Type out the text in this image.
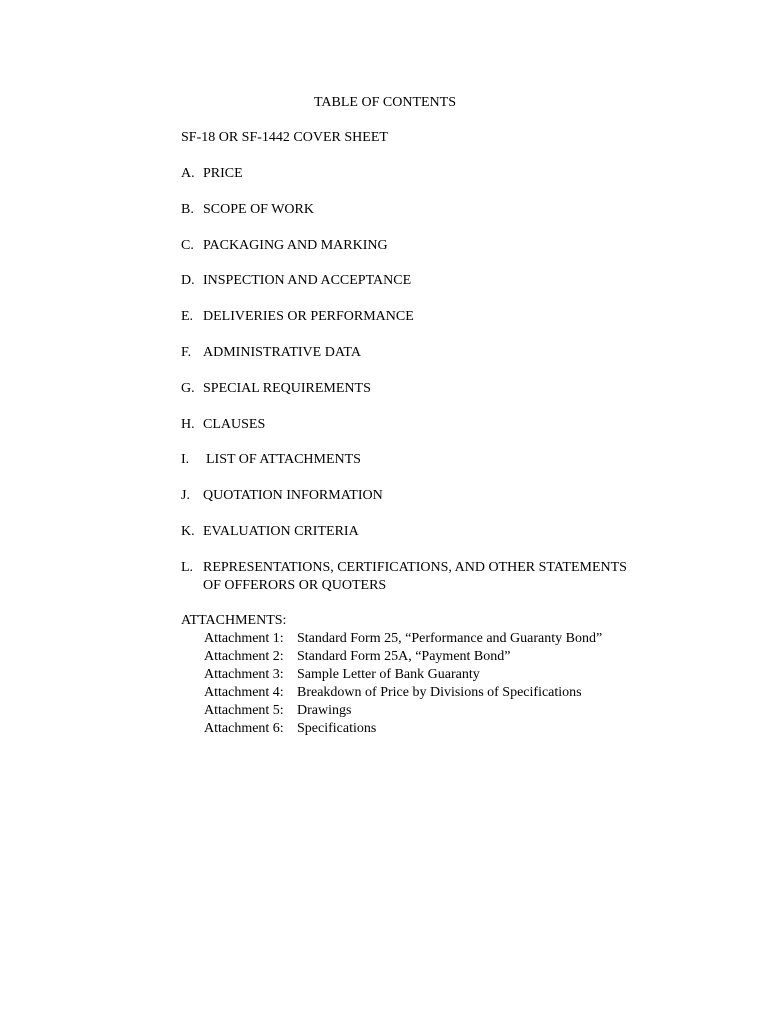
TABLE OF CONTENTS
SF-18 OR SF-1442 COVER SHEET
A. PRICE
B. SCOPE OF WORK
C. PACKAGING AND MARKING
D. INSPECTION AND ACCEPTANCE
E. DELIVERIES OR PERFORMANCE
F. ADMINISTRATIVE DATA
G. SPECIAL REQUIREMENTS
H. CLAUSES
I.	LIST OF ATTACHMENTS
J. QUOTATION INFORMATION
K. EVALUATION CRITERIA
L. REPRESENTATIONS, CERTIFICATIONS, AND OTHER STATEMENTS
OF OFFERORS OR QUOTERS
ATTACHMENTS:
Attachment 1: Standard Form 25, “Performance and Guaranty Bond”
Attachment 2: Standard Form 25A, “Payment Bond”
Attachment 3: Sample Letter of Bank Guaranty
Attachment 4: Breakdown of Price by Divisions of Specifications
Attachment 5: Drawings
Attachment 6: Specifications
